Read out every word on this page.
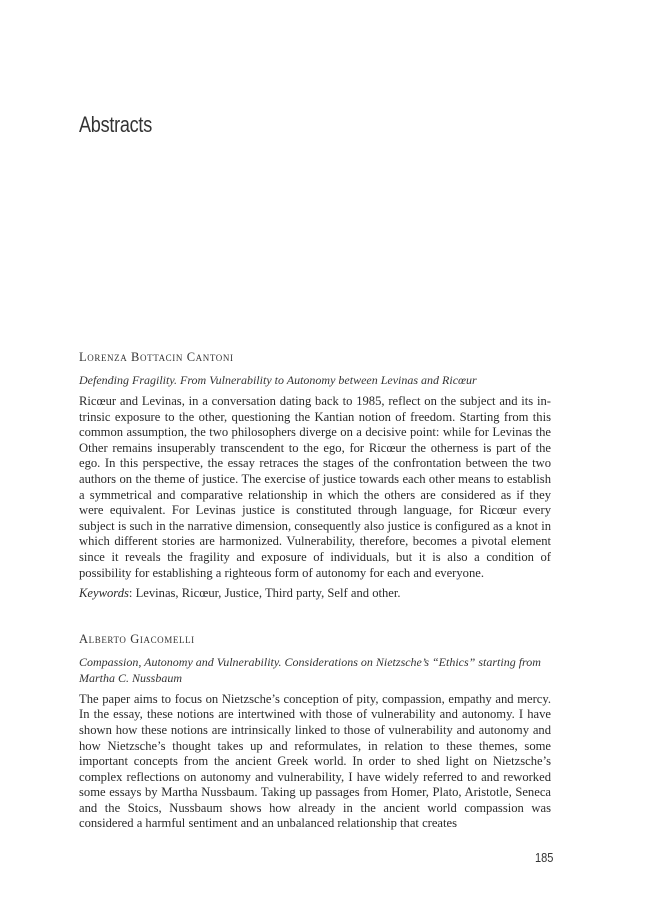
Abstracts

Lorenza Bottacin Cantoni

Defending Fragility. From Vulnerability to Autonomy between Levinas and Ricœur

Ricœur and Levinas, in a conversation dating back to 1985, reflect on the subject and its intrinsic exposure to the other, questioning the Kantian notion of freedom. Starting from this common assumption, the two philosophers diverge on a decisive point: while for Levinas the Other remains insuperably transcendent to the ego, for Ricœur the otherness is part of the ego. In this perspective, the essay retraces the stages of the confrontation between the two authors on the theme of justice. The exercise of justice towards each other means to establish a symmetrical and comparative relationship in which the others are considered as if they were equivalent. For Levinas justice is constituted through language, for Ricœur every subject is such in the narrative dimension, consequently also justice is configured as a knot in which different stories are harmonized. Vulnerability, therefore, becomes a pivotal element since it reveals the fragility and exposure of individuals, but it is also a condition of possibility for establishing a righteous form of autonomy for each and everyone.

Keywords: Levinas, Ricœur, Justice, Third party, Self and other.

Alberto Giacomelli

Compassion, Autonomy and Vulnerability. Considerations on Nietzsche’s “Ethics” starting from Martha C. Nussbaum

The paper aims to focus on Nietzsche’s conception of pity, compassion, empathy and mercy. In the essay, these notions are intertwined with those of vulnerability and autonomy. I have shown how these notions are intrinsically linked to those of vulnerability and autonomy and how Nietzsche’s thought takes up and reformulates, in relation to these themes, some important concepts from the ancient Greek world. In order to shed light on Nietzsche’s complex reflections on autonomy and vulnerability, I have widely referred to and reworked some essays by Martha Nussbaum. Taking up passages from Homer, Plato, Aristotle, Seneca and the Stoics, Nussbaum shows how already in the ancient world compassion was considered a harmful sentiment and an unbalanced relationship that creates

185
